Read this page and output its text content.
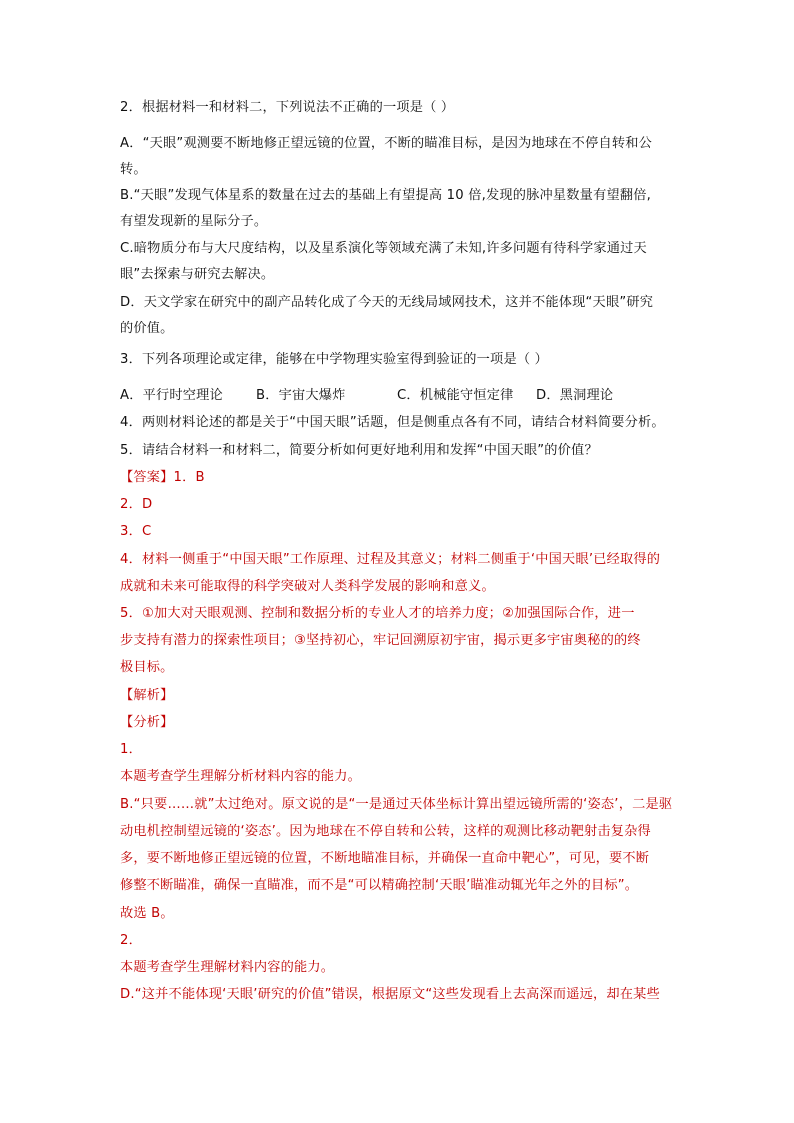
2．根据材料一和材料二，下列说法不正确的一项是（ ）
A．“天眼”观测要不断地修正望远镜的位置，不断的瞄准目标，是因为地球在不停自转和公
转。
B.“天眼”发现气体星系的数量在过去的基础上有望提高 10 倍,发现的脉冲星数量有望翻倍,
有望发现新的星际分子。
C.暗物质分布与大尺度结构，以及星系演化等领域充满了未知,许多问题有待科学家通过天
眼”去探索与研究去解决。
D．天文学家在研究中的副产品转化成了今天的无线局域网技术，这并不能体现“天眼”研究
的价值。
3．下列各项理论或定律，能够在中学物理实验室得到验证的一项是（ ）
A．平行时空理论	B．宇宙大爆炸	C．机械能守恒定律 D．黑洞理论
4．两则材料论述的都是关于“中国天眼”话题，但是侧重点各有不同，请结合材料简要分析。
5．请结合材料一和材料二，简要分析如何更好地利用和发挥“中国天眼”的价值？
【答案】1．B
2．D
3．C
4．材料一侧重于“中国天眼”工作原理、过程及其意义；材料二侧重于‘中国天眼’已经取得的
成就和未来可能取得的科学突破对人类科学发展的影响和意义。
5．①加大对天眼观测、控制和数据分析的专业人才的培养力度；②加强国际合作，进一
步支持有潜力的探索性项目；③坚持初心，牢记回溯原初宇宙，揭示更多宇宙奥秘的的终
极目标。
【解析】
【分析】
1．
本题考查学生理解分析材料内容的能力。
B.“只要……就”太过绝对。原文说的是“一是通过天体坐标计算出望远镜所需的‘姿态’，二是驱
动电机控制望远镜的‘姿态’。因为地球在不停自转和公转，这样的观测比移动靶射击复杂得
多，要不断地修正望远镜的位置，不断地瞄准目标，并确保一直命中靶心”，可见，要不断
修整不断瞄准，确保一直瞄准，而不是“可以精确控制‘天眼’瞄准动辄光年之外的目标”。
故选 B。
2．
本题考查学生理解材料内容的能力。
D.“这并不能体现‘天眼’研究的价值”错误，根据原文“这些发现看上去高深而遥远，却在某些
